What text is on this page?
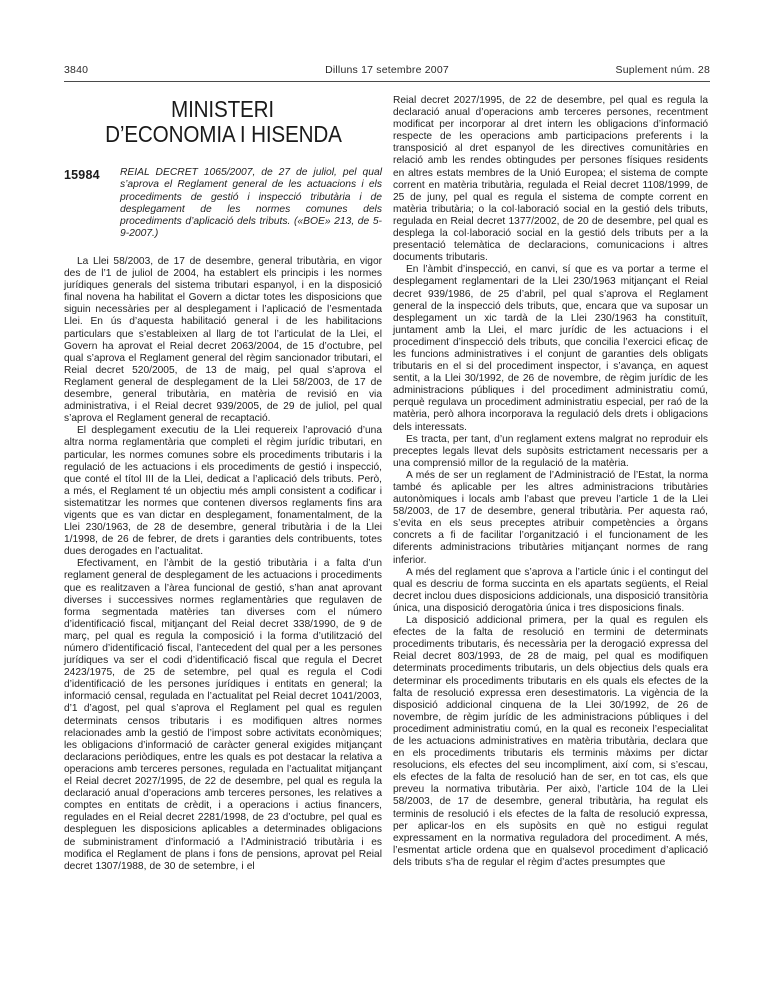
3840	Dilluns 17 setembre 2007	Suplement núm. 28
MINISTERI
D’ECONOMIA I HISENDA
15984 REIAL DECRET 1065/2007, de 27 de juliol, pel qual s’aprova el Reglament general de les actuacions i els procediments de gestió i inspecció tributària i de desplegament de les normes comunes dels procediments d’aplicació dels tributs. («BOE» 213, de 5-9-2007.)

La Llei 58/2003, de 17 de desembre, general tributària, en vigor des de l’1 de juliol de 2004, ha establert els principis i les normes jurídiques generals del sistema tributari espanyol, i en la disposició final novena ha habilitat el Govern a dictar totes les disposicions que siguin necessàries per al desplegament i l’aplicació de l’esmentada Llei. En ús d’aquesta habilitació general i de les habilitacions particulars que s’estableixen al llarg de tot l’articulat de la Llei, el Govern ha aprovat el Reial decret 2063/2004, de 15 d’octubre, pel qual s’aprova el Reglament general del règim sancionador tributari, el Reial decret 520/2005, de 13 de maig, pel qual s’aprova el Reglament general de desplegament de la Llei 58/2003, de 17 de desembre, general tributària, en matèria de revisió en via administrativa, i el Reial decret 939/2005, de 29 de juliol, pel qual s’aprova el Reglament general de recaptació.

El desplegament executiu de la Llei requereix l’aprovació d’una altra norma reglamentària que completi el règim jurídic tributari, en particular, les normes comunes sobre els procediments tributaris i la regulació de les actuacions i els procediments de gestió i inspecció, que conté el títol III de la Llei, dedicat a l’aplicació dels tributs. Però, a més, el Reglament té un objectiu més ampli consistent a codificar i sistematitzar les normes que contenen diversos reglaments fins ara vigents que es van dictar en desplegament, fonamentalment, de la Llei 230/1963, de 28 de desembre, general tributària i de la Llei 1/1998, de 26 de febrer, de drets i garanties dels contribuents, totes dues derogades en l’actualitat.

Efectivament, en l’àmbit de la gestió tributària i a falta d’un reglament general de desplegament de les actuacions i procediments que es realitzaven a l’àrea funcional de gestió, s’han anat aprovant diverses i successives normes reglamentàries que regulaven de forma segmentada matèries tan diverses com el número d’identificació fiscal, mitjançant del Reial decret 338/1990, de 9 de març, pel qual es regula la composició i la forma d’utilització del número d’identificació fiscal, l’antecedent del qual per a les persones jurídiques va ser el codi d’identificació fiscal que regula el Decret 2423/1975, de 25 de setembre, pel qual es regula el Codi d’identificació de les persones jurídiques i entitats en general; la informació censal, regulada en l’actualitat pel Reial decret 1041/2003, d’1 d’agost, pel qual s’aprova el Reglament pel qual es regulen determinats censos tributaris i es modifiquen altres normes relacionades amb la gestió de l’impost sobre activitats econòmiques; les obligacions d’informació de caràcter general exigides mitjançant declaracions periòdiques, entre les quals es pot destacar la relativa a operacions amb terceres persones, regulada en l’actualitat mitjançant el Reial decret 2027/1995, de 22 de desembre, pel qual es regula la declaració anual d’operacions amb terceres persones, les relatives a comptes en entitats de crèdit, i a operacions i actius financers, regulades en el Reial decret 2281/1998, de 23 d’octubre, pel qual es despleguen les disposicions aplicables a determinades obligacions de subministrament d’informació a l’Administració tributària i es modifica el Reglament de plans i fons de pensions, aprovat pel Reial decret 1307/1988, de 30 de setembre, i el

Reial decret 2027/1995, de 22 de desembre, pel qual es regula la declaració anual d’operacions amb terceres persones, recentment modificat per incorporar al dret intern les obligacions d’informació respecte de les operacions amb participacions preferents i la transposició al dret espanyol de les directives comunitàries en relació amb les rendes obtingudes per persones físiques residents en altres estats membres de la Unió Europea; el sistema de compte corrent en matèria tributària, regulada el Reial decret 1108/1999, de 25 de juny, pel qual es regula el sistema de compte corrent en matèria tributària; o la col·laboració social en la gestió dels tributs, regulada en Reial decret 1377/2002, de 20 de desembre, pel qual es desplega la col·laboració social en la gestió dels tributs per a la presentació telemàtica de declaracions, comunicacions i altres documents tributaris.

En l’àmbit d’inspecció, en canvi, sí que es va portar a terme el desplegament reglamentari de la Llei 230/1963 mitjançant el Reial decret 939/1986, de 25 d’abril, pel qual s’aprova el Reglament general de la inspecció dels tributs, que, encara que va suposar un desplegament un xic tardà de la Llei 230/1963 ha constituït, juntament amb la Llei, el marc jurídic de les actuacions i el procediment d’inspecció dels tributs, que concilia l’exercici eficaç de les funcions administratives i el conjunt de garanties dels obligats tributaris en el si del procediment inspector, i s’avança, en aquest sentit, a la Llei 30/1992, de 26 de novembre, de règim jurídic de les administracions públiques i del procediment administratiu comú, perquè regulava un procediment administratiu especial, per raó de la matèria, però alhora incorporava la regulació dels drets i obligacions dels interessats.

Es tracta, per tant, d’un reglament extens malgrat no reproduir els preceptes legals llevat dels supòsits estrictament necessaris per a una comprensió millor de la regulació de la matèria.

A més de ser un reglament de l’Administració de l’Estat, la norma també és aplicable per les altres administracions tributàries autonòmiques i locals amb l’abast que preveu l’article 1 de la Llei 58/2003, de 17 de desembre, general tributària. Per aquesta raó, s’evita en els seus preceptes atribuir competències a òrgans concrets a fi de facilitar l’organització i el funcionament de les diferents administracions tributàries mitjançant normes de rang inferior.

A més del reglament que s’aprova a l’article únic i el contingut del qual es descriu de forma succinta en els apartats següents, el Reial decret inclou dues disposicions addicionals, una disposició transitòria única, una disposició derogatòria única i tres disposicions finals.

La disposició addicional primera, per la qual es regulen els efectes de la falta de resolució en termini de determinats procediments tributaris, és necessària per la derogació expressa del Reial decret 803/1993, de 28 de maig, pel qual es modifiquen determinats procediments tributaris, un dels objectius dels quals era determinar els procediments tributaris en els quals els efectes de la falta de resolució expressa eren desestimatoris. La vigència de la disposició addicional cinquena de la Llei 30/1992, de 26 de novembre, de règim jurídic de les administracions públiques i del procediment administratiu comú, en la qual es reconeix l’especialitat de les actuacions administratives en matèria tributària, declara que en els procediments tributaris els terminis màxims per dictar resolucions, els efectes del seu incompliment, així com, si s’escau, els efectes de la falta de resolució han de ser, en tot cas, els que preveu la normativa tributària. Per això, l’article 104 de la Llei 58/2003, de 17 de desembre, general tributària, ha regulat els terminis de resolució i els efectes de la falta de resolució expressa, per aplicar-los en els supòsits en què no estigui regulat expressament en la normativa reguladora del procediment. A més, l’esmentat article ordena que en qualsevol procediment d’aplicació dels tributs s’ha de regular el règim d’actes presumptes que
